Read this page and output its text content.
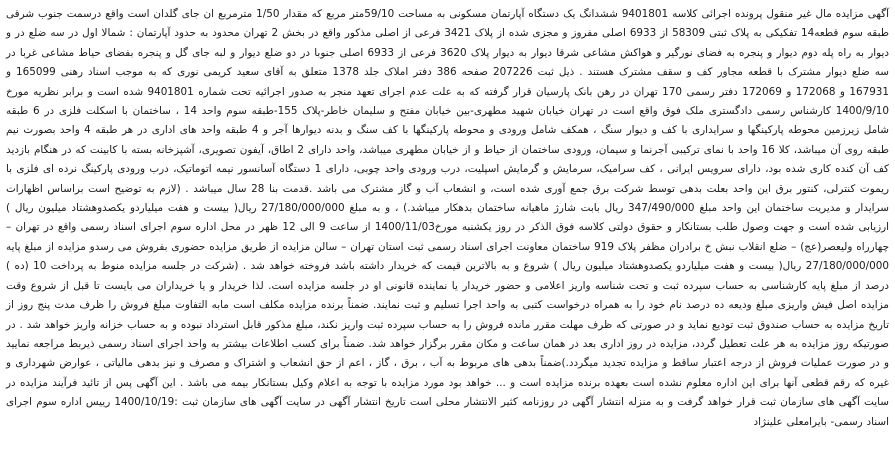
آگهی مزایده مال غیر منقول پرونده اجرائی کلاسه 9401801 ششدانگ یک دستگاه آپارتمان مسکونی به مساحت 59/10متر مربع که مقدار 1/50 مترمربع ان جای گلدان است واقع درسمت جنوب شرقی طبقه سوم قطعه14 تفکیکی به پلاک ثبتی 58309 از 6933 اصلی مفروز و مجزی شده از پلاک 3421 فرعی از اصلی مذکور واقع در بخش 2 تهران محدود به حدود آپارتمان : شمالا اول در سه ضلع در و دیوار به راه پله دوم دیوار و پنجره به فضای نورگیر و هواکش مشاعی شرقا دیوار به دیوار پلاک 3620 فرعی از 6933 اصلی جنوبا در دو ضلع دیوار و لبه جای گل و پنجره بفضای حیاط مشاعی غربا در سه ضلع دیوار مشترک با قطعه مجاور کف و سقف مشترک هستند . ذیل ثبت 207226 صفحه 386 دفتر املاک جلد 1378 متعلق به آقای سعید کریمی نوری که به موجب اسناد رهنی 165099 و 167931 و 172068 و 172069 دفتر رسمی 170 تهران در رهن بانک پارسیان قرار گرفته که به علت عدم اجرای تعهد منجر به صدور اجرائیه تحت شماره 9401801 شده است و برابر نظریه مورخ 1400/9/10 کارشناس رسمی دادگستری ملک فوق واقع است در تهران خیابان شهید مطهری-بین خیابان مفتح و سلیمان خاطر-پلاک 155-طبقه سوم واحد 14 ، ساختمان با اسکلت فلزی در 6 طبقه شامل زیرزمین محوطه پارکینگها و سرایداری با کف و دیوار سنگ ، همکف شامل ورودی و محوطه پارکینگها با کف سنگ و بدنه دیوارها آجر و 4 طبقه واحد های اداری در هر طبقه 4 واحد بصورت نیم طبقه روی آن میباشد، کلا 16 واحد با نمای ترکیبی آجرنما و سیمان، ورودی ساختمان از حیاط و از خیابان مطهری میباشد، واحد دارای 2 اطاق، آیفون تصویری، آشپزخانه بسته با کابینت که در هنگام بازدید کف آن کنده کاری شده بود، دارای سرویس ایرانی ، کف سرامیک، سرمایش و گرمایش اسپلیت، درب ورودی واحد چوبی، دارای 1 دستگاه آسانسور نیمه اتوماتیک، درب ورودی پارکینگ نرده ای فلزی با ریموت کنترلی، کنتور برق این واحد بعلت بدهی توسط شرکت برق جمع آوری شده است، و انشعاب آب و گاز مشترک می باشد .قدمت بنا 28 سال میباشد . (لازم به توضیح است براساس اظهارات سرایدار و مدیریت ساختمان این واحد مبلغ 347/490/000 ریال بابت شارژ ماهیانه ساختمان بدهکار میباشد.) ، و به مبلغ 27/180/000/000 ریال( بیست و هفت میلیاردو یکصدوهشتاد میلیون ریال ) ارزیابی شده است و جهت وصول طلب بستانکار و حقوق دولتی کلاسه فوق الذکر در روز یکشنبه مورخ1400/11/03 از ساعت 9 الی 12 ظهر در محل اداره سوم اجرای اسناد رسمی واقع در تهران – چهارراه ولیعصر(عج) – ضلع انقلاب نبش خ برادران مظفر پلاک 919 ساختمان معاونت اجرای اسناد رسمی ثبت استان تهران – سالن مزایده از طریق مزایده حضوری بفروش می رسدو مزایده از مبلغ پایه 27/180/000/000 ریال( بیست و هفت میلیاردو یکصدوهشتاد میلیون ریال ) شروع و به بالاترین قیمت که خریدار داشته باشد فروخته خواهد شد . (شرکت در جلسه مزایده منوط به پرداخت 10 (ده ) درصد از مبلغ پایه کارشناسی به حساب سپرده ثبت و تحت شناسه واریز اعلامی و حضور خریدار یا نماینده قانونی او در جلسه مزایده است. لذا خریدار و یا خریداران می بایست تا قبل از شروع وقت مزایده اصل فیش واریزی مبلغ ودیعه ده درصد نام خود را به همراه درخواست کتبی به واحد اجرا تسلیم و ثبت نمایند. ضمناً برنده مزایده مکلف است مابه التفاوت مبلغ فروش را ظرف مدت پنج روز از تاریخ مزایده به حساب صندوق ثبت تودیع نماید و در صورتی که ظرف مهلت مقرر مانده فروش را به حساب سپرده ثبت واریز نکند، مبلغ مذکور قابل استرداد نبوده و به حساب خزانه واریز خواهد شد . در صورتیکه روز مزایده به هر علت تعطیل گردد، مزایده در روز اداری بعد در همان ساعت و مکان مقرر برگزار خواهد شد. ضمناً برای کسب اطلاعات بیشتر به واحد اجرای اسناد رسمی ذیربط مراجعه نمایید و در صورت عملیات فروش از درجه اعتبار ساقط و مزایده تجدید میگردد.)ضمناً بدهی های مربوط به آب ، برق ، گاز ، اعم از حق انشعاب و اشتراک و مصرف و نیز بدهی مالیاتی ، عوارض شهرداری و غیره که رقم قطعی آنها برای این اداره معلوم نشده است بعهده برنده مزایده است و ... خواهد بود مورد مزایده با توجه به اعلام وکیل بستانکار بیمه می باشد . این آگهی پس از تائید فرآیند مزایده در سایت آگهی های سازمان ثبت قرار خواهد گرفت و به منزله انتشار آگهی در روزنامه کثیر الانتشار محلی است تاریخ انتشار آگهی در سایت آگهی های سازمان ثبت :1400/10/19 رییس اداره سوم اجرای اسناد رسمی- بایرامعلی علینژاد
